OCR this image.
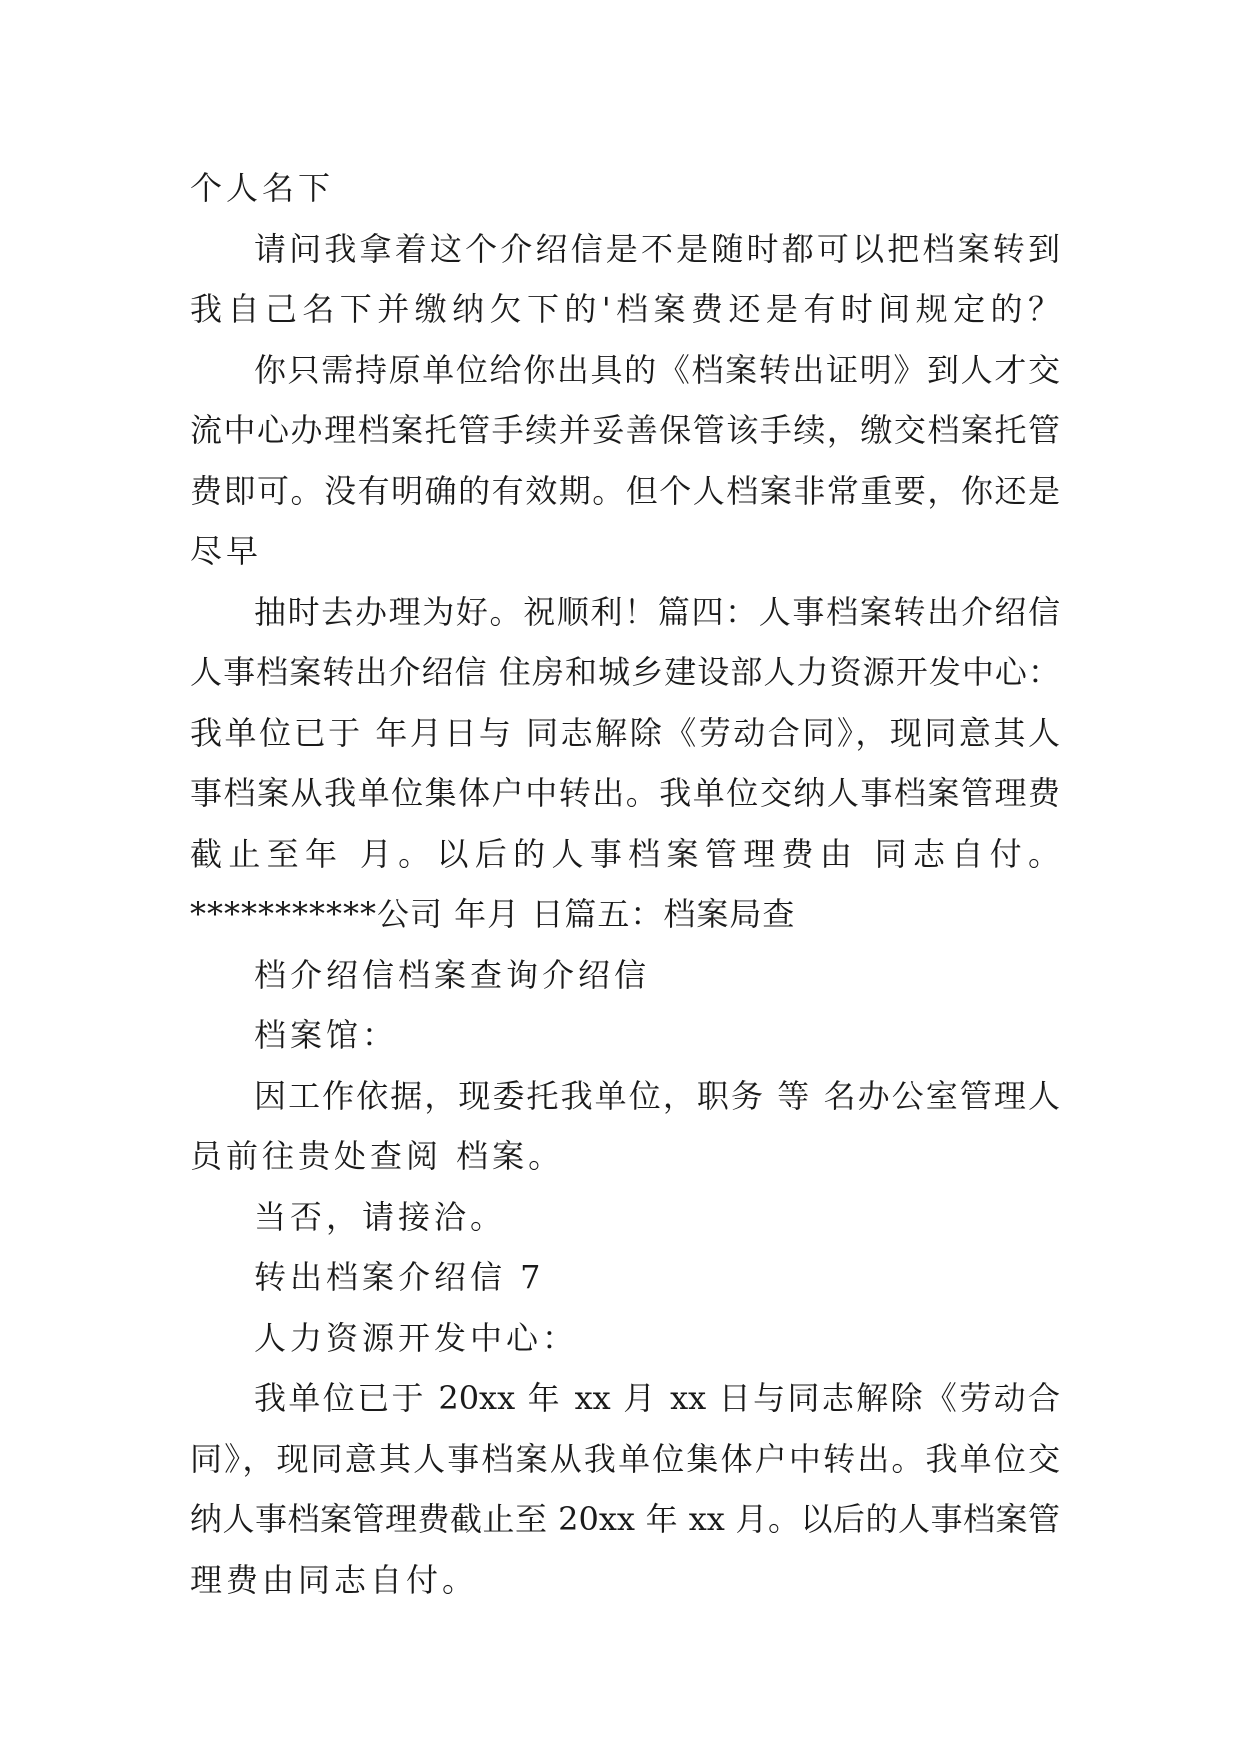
个人名下
请问我拿着这个介绍信是不是随时都可以把档案转到
我自己名下并缴纳欠下的'档案费还是有时间规定的？
你只需持原单位给你出具的《档案转出证明》到人才交
流中心办理档案托管手续并妥善保管该手续，缴交档案托管
费即可。没有明确的有效期。但个人档案非常重要，你还是
尽早
抽时去办理为好。祝顺利！篇四：人事档案转出介绍信
人事档案转出介绍信 住房和城乡建设部人力资源开发中心：
我单位已于 年月日与 同志解除《劳动合同》，现同意其人
事档案从我单位集体户中转出。我单位交纳人事档案管理费
截止至年 月。以后的人事档案管理费由 同志自付。
***********公司 年月 日篇五：档案局查
档介绍信档案查询介绍信
档案馆：
因工作依据，现委托我单位，职务 等 名办公室管理人
员前往贵处查阅 档案。
当否，请接洽。
转出档案介绍信 7
人力资源开发中心：
我单位已于 20xx 年 xx 月 xx 日与同志解除《劳动合
同》，现同意其人事档案从我单位集体户中转出。我单位交
纳人事档案管理费截止至 20xx 年 xx 月。以后的人事档案管
理费由同志自付。
